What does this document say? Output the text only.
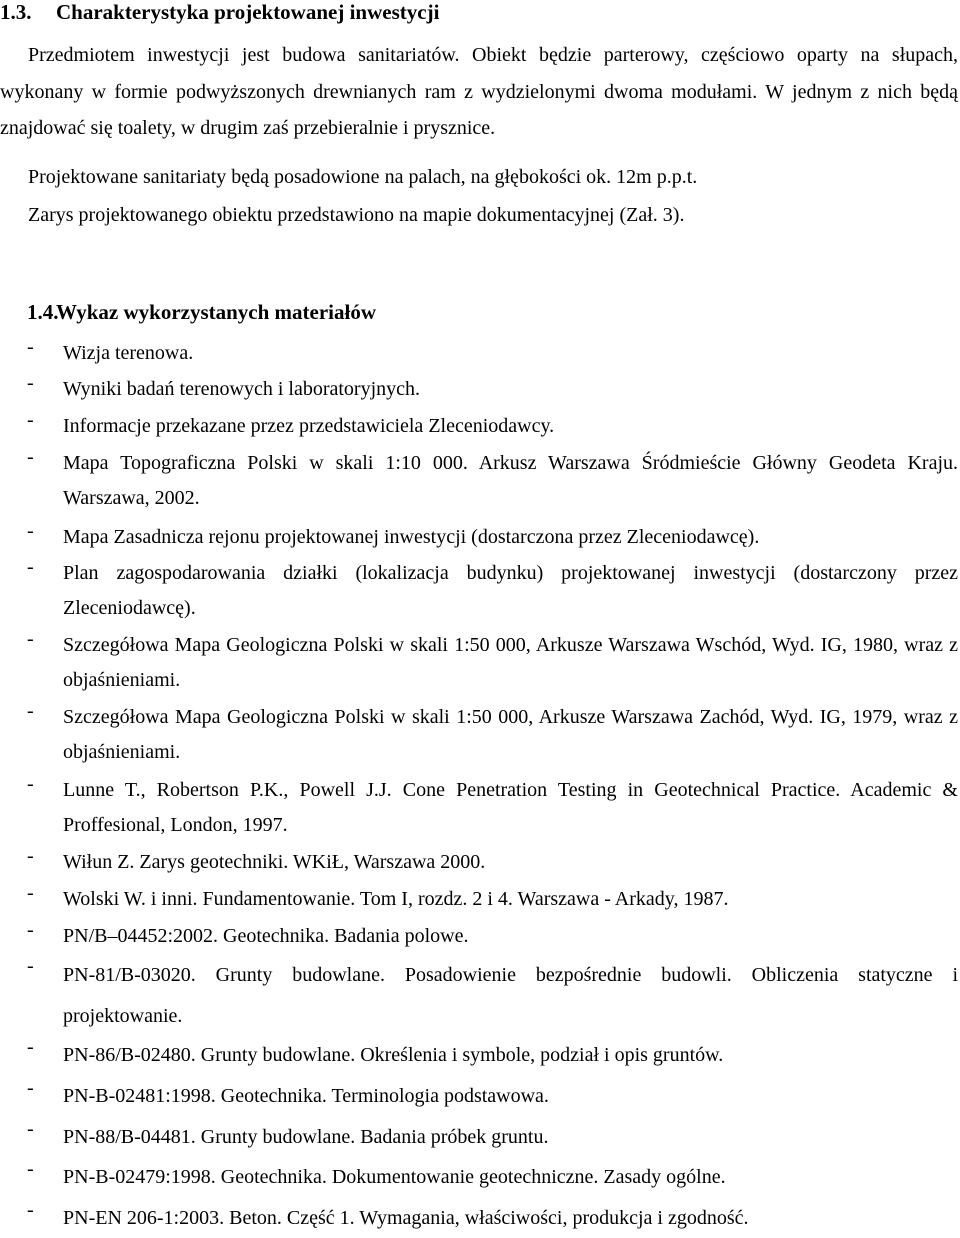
1.3. Charakterystyka projektowanej inwestycji

Przedmiotem inwestycji jest budowa sanitariatów. Obiekt będzie parterowy, częściowo oparty na słupach, wykonany w formie podwyższonych drewnianych ram z wydzielonymi dwoma modułami. W jednym z nich będą znajdować się toalety, w drugim zaś przebieralnie i prysznice.

Projektowane sanitariaty będą posadowione na palach, na głębokości ok. 12m p.p.t.

Zarys projektowanego obiektu przedstawiono na mapie dokumentacyjnej (Zał. 3).

1.4.Wykaz wykorzystanych materiałów
-	Wizja terenowa.
-	Wyniki badań terenowych i laboratoryjnych.
-	Informacje przekazane przez przedstawiciela Zleceniodawcy.
-	Mapa Topograficzna Polski w skali 1:10 000. Arkusz Warszawa Śródmieście Główny Geodeta Kraju. Warszawa, 2002.
-	Mapa Zasadnicza rejonu projektowanej inwestycji (dostarczona przez Zleceniodawcę).
-	Plan zagospodarowania działki (lokalizacja budynku) projektowanej inwestycji (dostarczony przez Zleceniodawcę).
-	Szczegółowa Mapa Geologiczna Polski w skali 1:50 000, Arkusze Warszawa Wschód, Wyd. IG, 1980, wraz z objaśnieniami.
-	Szczegółowa Mapa Geologiczna Polski w skali 1:50 000, Arkusze Warszawa Zachód, Wyd. IG, 1979, wraz z objaśnieniami.
-	Lunne T., Robertson P.K., Powell J.J. Cone Penetration Testing in Geotechnical Practice. Academic & Proffesional, London, 1997.
-	Wiłun Z. Zarys geotechniki. WKiŁ, Warszawa 2000.
-	Wolski W. i inni. Fundamentowanie. Tom I, rozdz. 2 i 4. Warszawa - Arkady, 1987.
-	PN/B–04452:2002. Geotechnika. Badania polowe.
-	PN-81/B-03020. Grunty budowlane. Posadowienie bezpośrednie budowli. Obliczenia statyczne i projektowanie.
-	PN-86/B-02480. Grunty budowlane. Określenia i symbole, podział i opis gruntów.
-	PN-B-02481:1998. Geotechnika. Terminologia podstawowa.
-	PN-88/B-04481. Grunty budowlane. Badania próbek gruntu.
-	PN-B-02479:1998. Geotechnika. Dokumentowanie geotechniczne. Zasady ogólne.
-	PN-EN 206-1:2003. Beton. Część 1. Wymagania, właściwości, produkcja i zgodność.
